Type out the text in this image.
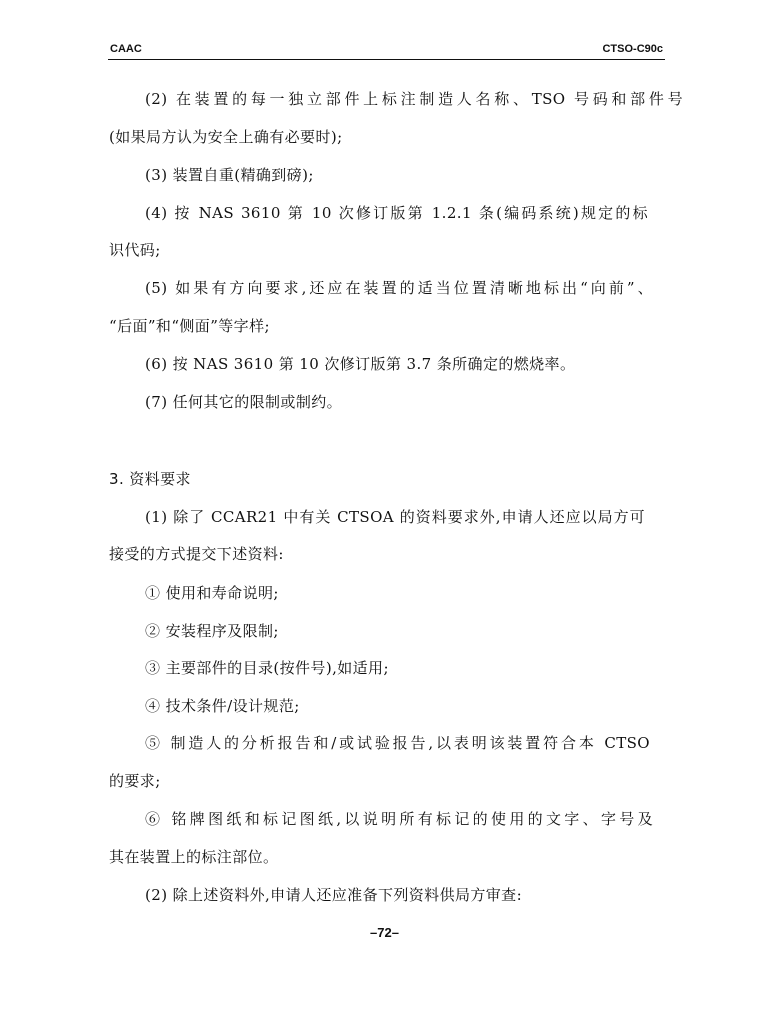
CAAC	CTSO-C90c
(2) 在装置的每一独立部件上标注制造人名称、TSO 号码和部件号
(如果局方认为安全上确有必要时);
(3) 装置自重(精确到磅);
(4) 按 NAS 3610 第 10 次修订版第 1.2.1 条(编码系统)规定的标
识代码;
(5) 如果有方向要求,还应在装置的适当位置清晰地标出“向前”、
“后面”和“侧面”等字样;
(6) 按 NAS 3610 第 10 次修订版第 3.7 条所确定的燃烧率。
(7) 任何其它的限制或制约。
3. 资料要求
(1) 除了 CCAR21 中有关 CTSOA 的资料要求外,申请人还应以局方可
接受的方式提交下述资料:
① 使用和寿命说明;
② 安装程序及限制;
③ 主要部件的目录(按件号),如适用;
④ 技术条件/设计规范;
⑤ 制造人的分析报告和/或试验报告,以表明该装置符合本 CTSO
的要求;
⑥ 铭牌图纸和标记图纸,以说明所有标记的使用的文字、字号及
其在装置上的标注部位。
(2) 除上述资料外,申请人还应准备下列资料供局方审查:
–72–
